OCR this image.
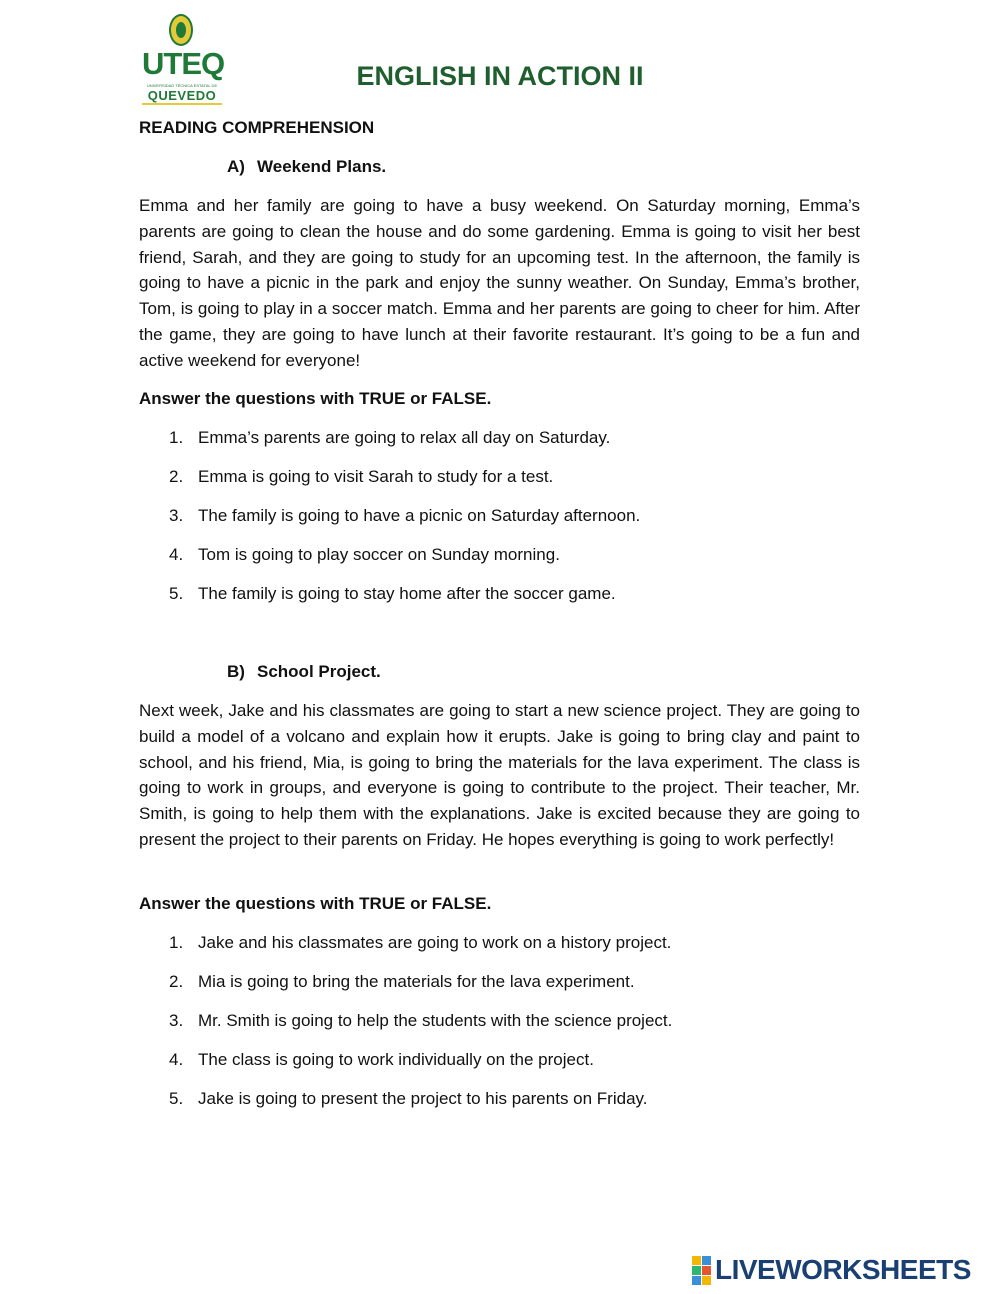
UTEQ
UNIVERSIDAD TÉCNICA ESTATAL DE
QUEVEDO
ENGLISH IN ACTION II
READING COMPREHENSION
A) Weekend Plans.

Emma and her family are going to have a busy weekend. On Saturday morning, Emma’s parents are going to clean the house and do some gardening. Emma is going to visit her best friend, Sarah, and they are going to study for an upcoming test. In the afternoon, the family is going to have a picnic in the park and enjoy the sunny weather. On Sunday, Emma’s brother, Tom, is going to play in a soccer match. Emma and her parents are going to cheer for him. After the game, they are going to have lunch at their favorite restaurant. It’s going to be a fun and active weekend for everyone!

Answer the questions with TRUE or FALSE.
1. Emma’s parents are going to relax all day on Saturday.
2. Emma is going to visit Sarah to study for a test.
3. The family is going to have a picnic on Saturday afternoon.
4. Tom is going to play soccer on Sunday morning.
5. The family is going to stay home after the soccer game.
B) School Project.

Next week, Jake and his classmates are going to start a new science project. They are going to build a model of a volcano and explain how it erupts. Jake is going to bring clay and paint to school, and his friend, Mia, is going to bring the materials for the lava experiment. The class is going to work in groups, and everyone is going to contribute to the project. Their teacher, Mr. Smith, is going to help them with the explanations. Jake is excited because they are going to present the project to their parents on Friday. He hopes everything is going to work perfectly!

Answer the questions with TRUE or FALSE.
1. Jake and his classmates are going to work on a history project.
2. Mia is going to bring the materials for the lava experiment.
3. Mr. Smith is going to help the students with the science project.
4. The class is going to work individually on the project.
5. Jake is going to present the project to his parents on Friday.
LIVEWORKSHEETS
